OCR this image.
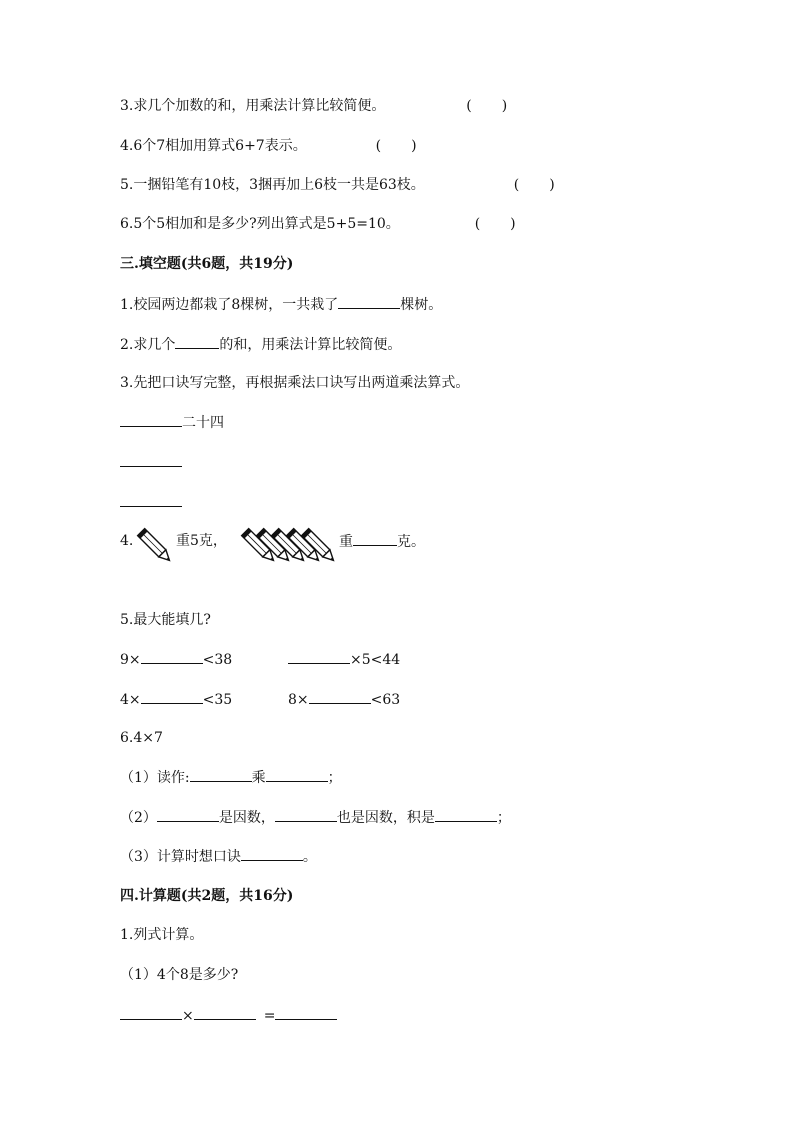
3.求几个加数的和，用乘法计算比较简便。	( )
4.6个7相加用算式6+7表示。	( )
5.一捆铅笔有10枝，3捆再加上6枝一共是63枝。	( )
6.5个5相加和是多少?列出算式是5+5=10。	( )
三.填空题(共6题，共19分)
1.校园两边都栽了8棵树，一共栽了	棵树。
2.求几个	的和，用乘法计算比较简便。
3.先把口诀写完整，再根据乘法口诀写出两道乘法算式。
二十四
4.	重5克，	重	克。
5.最大能填几?
9×	<38	×5<44
4×	<35	8×	<63
6.4×7
（1）读作:	乘	；
（2）	是因数，	也是因数，积是	；
（3）计算时想口诀	。
四.计算题(共2题，共16分)
1.列式计算。
（1）4个8是多少?
×	=
